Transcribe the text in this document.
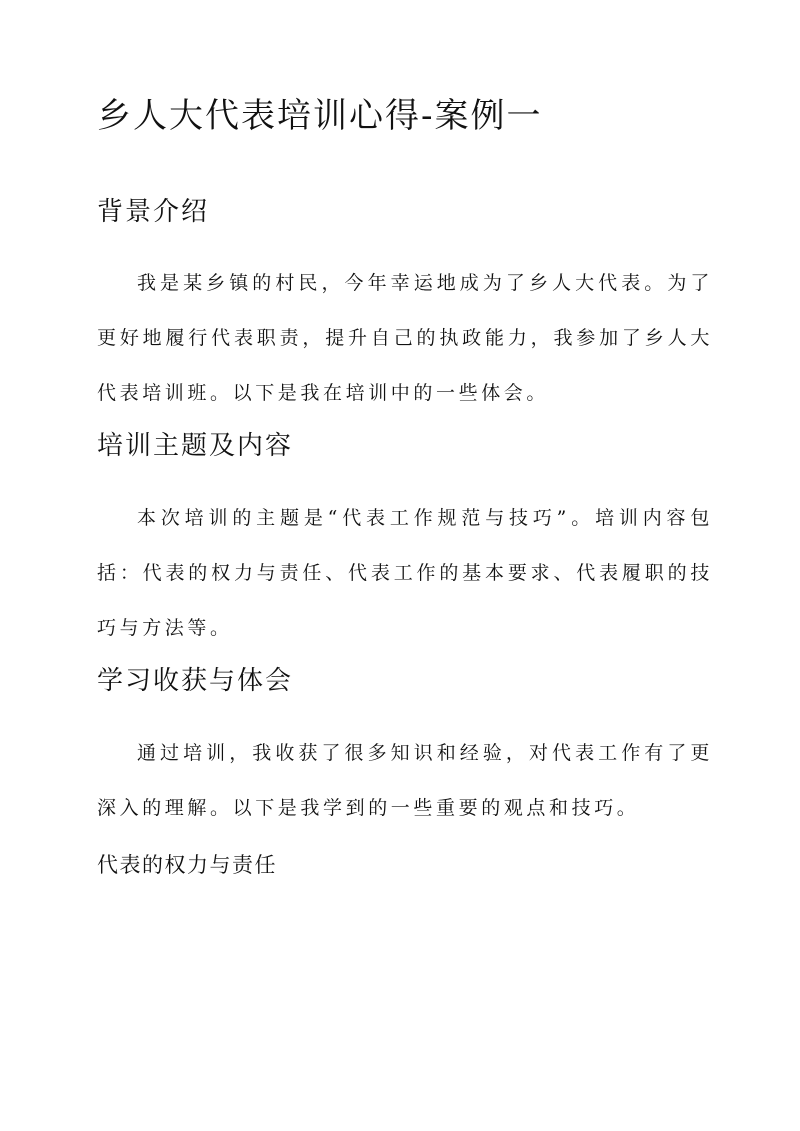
乡人大代表培训心得-案例一
背景介绍

我是某乡镇的村民，今年幸运地成为了乡人大代表。为了更好地履行代表职责，提升自己的执政能力，我参加了乡人大代表培训班。以下是我在培训中的一些体会。

培训主题及内容

本次培训的主题是“代表工作规范与技巧”。培训内容包括：代表的权力与责任、代表工作的基本要求、代表履职的技巧与方法等。

学习收获与体会

通过培训，我收获了很多知识和经验，对代表工作有了更深入的理解。以下是我学到的一些重要的观点和技巧。

代表的权力与责任
